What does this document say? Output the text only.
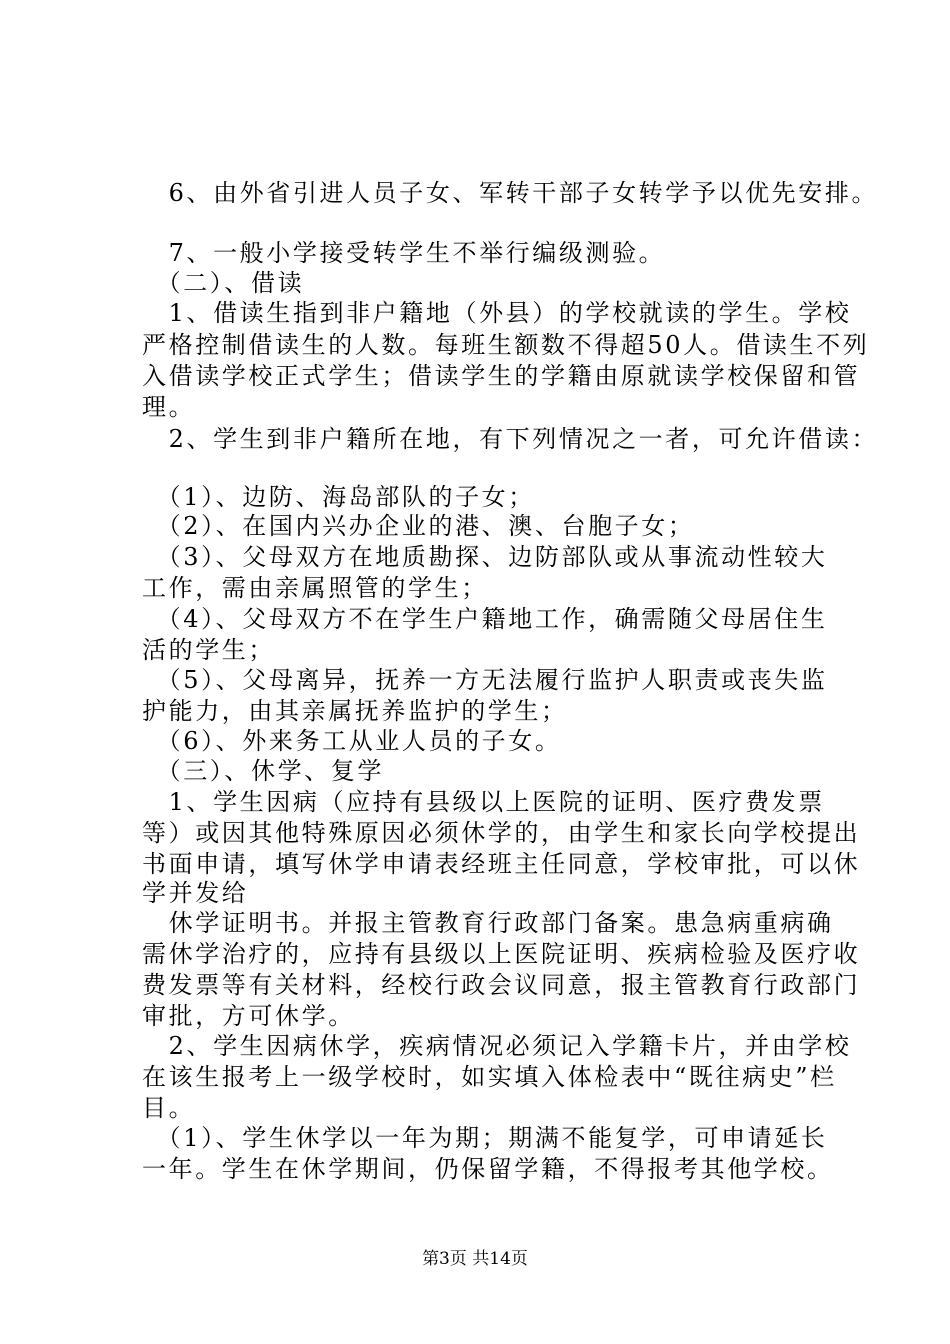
　6、由外省引进人员子女、军转干部子女转学予以优先安排。
　7、一般小学接受转学生不举行编级测验。
　（二）、借读
　1、借读生指到非户籍地（外县）的学校就读的学生。学校
严格控制借读生的人数。每班生额数不得超50人。借读生不列
入借读学校正式学生；借读学生的学籍由原就读学校保留和管
理。
　2、学生到非户籍所在地，有下列情况之一者，可允许借读：
　（1）、边防、海岛部队的子女；
　（2）、在国内兴办企业的港、澳、台胞子女；
　（3）、父母双方在地质勘探、边防部队或从事流动性较大
工作，需由亲属照管的学生；
　（4）、父母双方不在学生户籍地工作，确需随父母居住生
活的学生；
　（5）、父母离异，抚养一方无法履行监护人职责或丧失监
护能力，由其亲属抚养监护的学生；
　（6）、外来务工从业人员的子女。
　（三）、休学、复学
　1、学生因病（应持有县级以上医院的证明、医疗费发票
等）或因其他特殊原因必须休学的，由学生和家长向学校提出
书面申请，填写休学申请表经班主任同意，学校审批，可以休
学并发给
　休学证明书。并报主管教育行政部门备案。患急病重病确
需休学治疗的，应持有县级以上医院证明、疾病检验及医疗收
费发票等有关材料，经校行政会议同意，报主管教育行政部门
审批，方可休学。
　2、学生因病休学，疾病情况必须记入学籍卡片，并由学校
在该生报考上一级学校时，如实填入体检表中“既往病史”栏
目。
　（1）、学生休学以一年为期；期满不能复学，可申请延长
一年。学生在休学期间，仍保留学籍，不得报考其他学校。
第3页 共14页
